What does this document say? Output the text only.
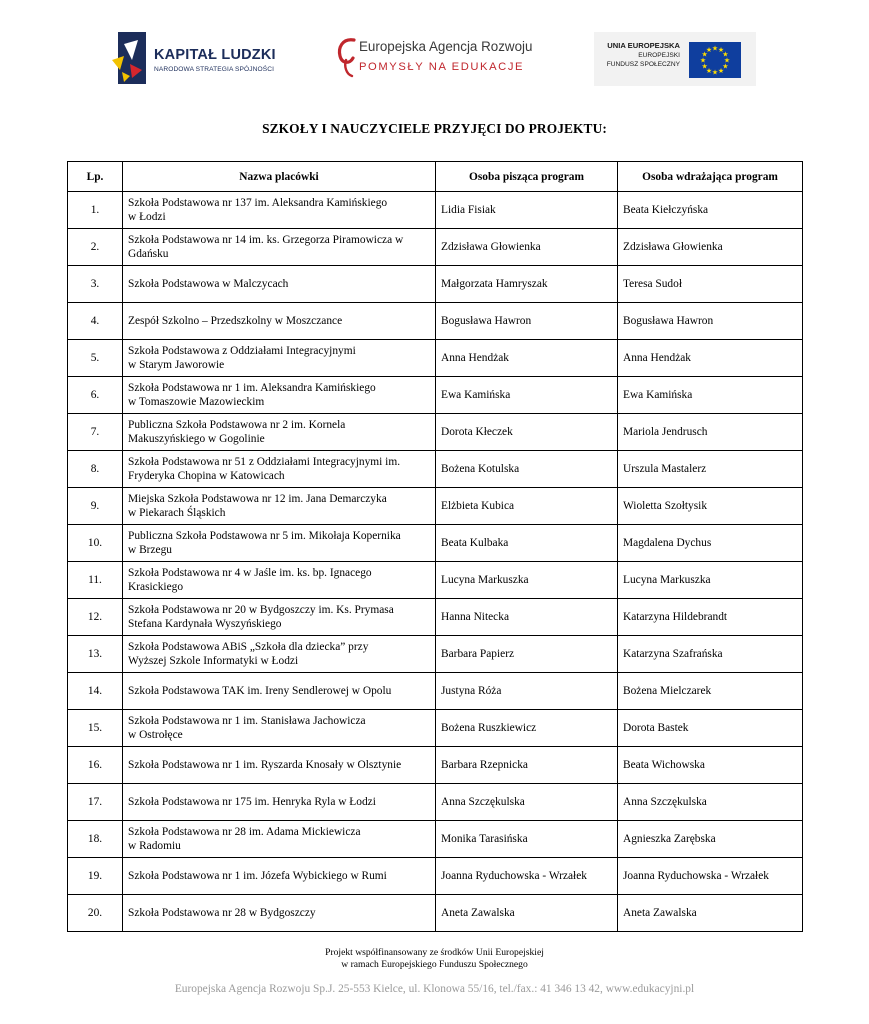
KAPITAŁ LUDZKI
NARODOWA STRATEGIA SPÓJNOŚCI
Europejska Agencja Rozwoju
POMYSŁY NA EDUKACJE
UNIA EUROPEJSKA
EUROPEJSKI
FUNDUSZ SPOŁECZNY
★ ★
★
★
★
★
★
★
★
★
★
★
SZKOŁY I NAUCZYCIELE PRZYJĘCI DO PROJEKTU:
Lp.	Nazwa placówki	Osoba pisząca program	Osoba wdrażająca program
1.	Szkoła Podstawowa nr 137 im. Aleksandra Kamińskiego
w Łodzi	Lidia Fisiak	Beata Kiełczyńska
2.	Szkoła Podstawowa nr 14 im. ks. Grzegorza Piramowicza w
Gdańsku	Zdzisława Głowienka	Zdzisława Głowienka
3.	Szkoła Podstawowa w Malczycach	Małgorzata Hamryszak	Teresa Sudoł
4.	Zespół Szkolno – Przedszkolny w Moszczance	Bogusława Hawron	Bogusława Hawron
5.	Szkoła Podstawowa z Oddziałami Integracyjnymi
w Starym Jaworowie	Anna Hendżak	Anna Hendżak
6.	Szkoła Podstawowa nr 1 im. Aleksandra Kamińskiego
w Tomaszowie Mazowieckim	Ewa Kamińska	Ewa Kamińska
7.	Publiczna Szkoła Podstawowa nr 2 im. Kornela
Makuszyńskiego w Gogolinie	Dorota Kłeczek	Mariola Jendrusch
8.	Szkoła Podstawowa nr 51 z Oddziałami Integracyjnymi im.
Fryderyka Chopina w Katowicach	Bożena Kotulska	Urszula Mastalerz
9.	Miejska Szkoła Podstawowa nr 12 im. Jana Demarczyka
w Piekarach Śląskich	Elżbieta Kubica	Wioletta Szołtysik
10.	Publiczna Szkoła Podstawowa nr 5 im. Mikołaja Kopernika
w Brzegu	Beata Kulbaka	Magdalena Dychus
11.	Szkoła Podstawowa nr 4 w Jaśle im. ks. bp. Ignacego
Krasickiego	Lucyna Markuszka	Lucyna Markuszka
12.	Szkoła Podstawowa nr 20 w Bydgoszczy im. Ks. Prymasa
Stefana Kardynała Wyszyńskiego	Hanna Nitecka	Katarzyna Hildebrandt
13.	Szkoła Podstawowa ABiS „Szkoła dla dziecka” przy
Wyższej Szkole Informatyki w Łodzi	Barbara Papierz	Katarzyna Szafrańska
14.	Szkoła Podstawowa TAK im. Ireny Sendlerowej w Opolu	Justyna Róża	Bożena Mielczarek
15.	Szkoła Podstawowa nr 1 im. Stanisława Jachowicza
w Ostrołęce	Bożena Ruszkiewicz	Dorota Bastek
16.	Szkoła Podstawowa nr 1 im. Ryszarda Knosały w Olsztynie	Barbara Rzepnicka	Beata Wichowska
17.	Szkoła Podstawowa nr 175 im. Henryka Ryla w Łodzi	Anna Szczękulska	Anna Szczękulska
18.	Szkoła Podstawowa nr 28 im. Adama Mickiewicza
w Radomiu	Monika Tarasińska	Agnieszka Zarębska
19.	Szkoła Podstawowa nr 1 im. Józefa Wybickiego w Rumi	Joanna Ryduchowska - Wrzałek	Joanna Ryduchowska - Wrzałek
20.	Szkoła Podstawowa nr 28 w Bydgoszczy	Aneta Zawalska	Aneta Zawalska
Projekt współfinansowany ze środków Unii Europejskiej
w ramach Europejskiego Funduszu Społecznego
Europejska Agencja Rozwoju Sp.J. 25-553 Kielce, ul. Klonowa 55/16, tel./fax.: 41 346 13 42, www.edukacyjni.pl
